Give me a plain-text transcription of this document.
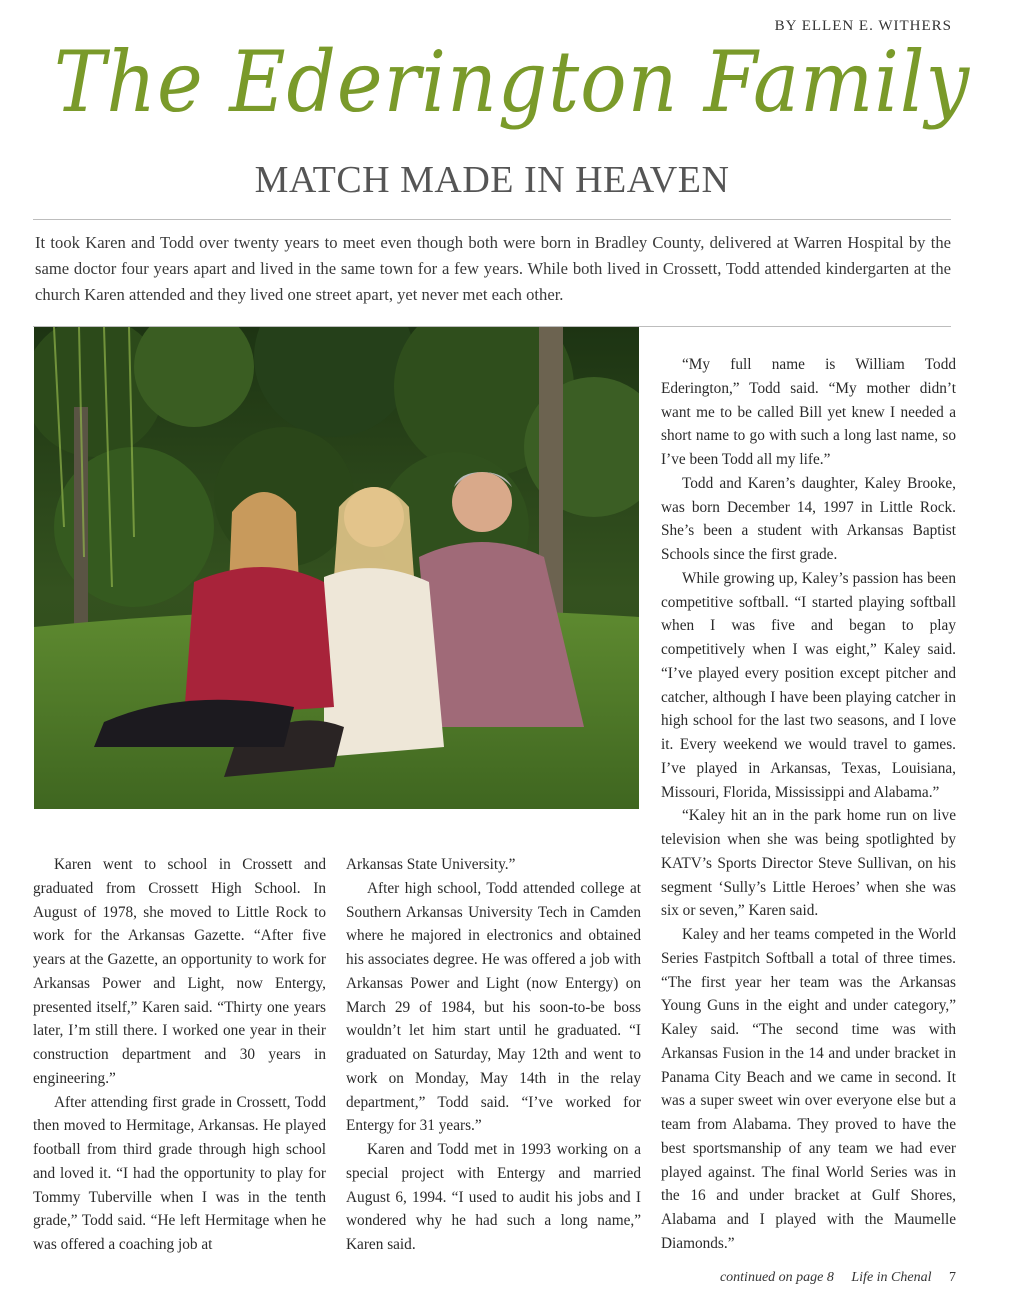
BY ELLEN E. WITHERS
The Ederington Family
MATCH MADE IN HEAVEN
It took Karen and Todd over twenty years to meet even though both were born in Bradley County, delivered at Warren Hospital by the same doctor four years apart and lived in the same town for a few years. While both lived in Crossett, Todd attended kindergarten at the church Karen attended and they lived one street apart, yet never met each other.

Karen went to school in Crossett and graduated from Crossett High School. In August of 1978, she moved to Little Rock to work for the Arkansas Gazette. “After five years at the Gazette, an opportunity to work for Arkansas Power and Light, now Entergy, presented itself,” Karen said. “Thirty one years later, I’m still there. I worked one year in their construction department and 30 years in engineering.”

After attending first grade in Crossett, Todd then moved to Hermitage, Arkansas. He played football from third grade through high school and loved it. “I had the opportunity to play for Tommy Tuberville when I was in the tenth grade,” Todd said. “He left Hermitage when he was offered a coaching job at

Arkansas State University.”

After high school, Todd attended college at Southern Arkansas University Tech in Camden where he majored in electronics and obtained his associates degree. He was offered a job with Arkansas Power and Light (now Entergy) on March 29 of 1984, but his soon-to-be boss wouldn’t let him start until he graduated. “I graduated on Saturday, May 12th and went to work on Monday, May 14th in the relay department,” Todd said. “I’ve worked for Entergy for 31 years.”

Karen and Todd met in 1993 working on a special project with Entergy and married August 6, 1994. “I used to audit his jobs and I wondered why he had such a long name,” Karen said.

“My full name is William Todd Ederington,” Todd said. “My mother didn’t want me to be called Bill yet knew I needed a short name to go with such a long last name, so I’ve been Todd all my life.”

Todd and Karen’s daughter, Kaley Brooke, was born December 14, 1997 in Little Rock. She’s been a student with Arkansas Baptist Schools since the first grade.

While growing up, Kaley’s passion has been competitive softball. “I started playing softball when I was five and began to play competitively when I was eight,” Kaley said. “I’ve played every position except pitcher and catcher, although I have been playing catcher in high school for the last two seasons, and I love it. Every weekend we would travel to games. I’ve played in Arkansas, Texas, Louisiana, Missouri, Florida, Mississippi and Alabama.”

“Kaley hit an in the park home run on live television when she was being spotlighted by KATV’s Sports Director Steve Sullivan, on his segment ‘Sully’s Little Heroes’ when she was six or seven,” Karen said.

Kaley and her teams competed in the World Series Fastpitch Softball a total of three times. “The first year her team was the Arkansas Young Guns in the eight and under category,” Kaley said. “The second time was with Arkansas Fusion in the 14 and under bracket in Panama City Beach and we came in second. It was a super sweet win over everyone else but a team from Alabama. They proved to have the best sportsmanship of any team we had ever played against. The final World Series was in the 16 and under bracket at Gulf Shores, Alabama and I played with the Maumelle Diamonds.”

continued on page 8 Life in Chenal 7
